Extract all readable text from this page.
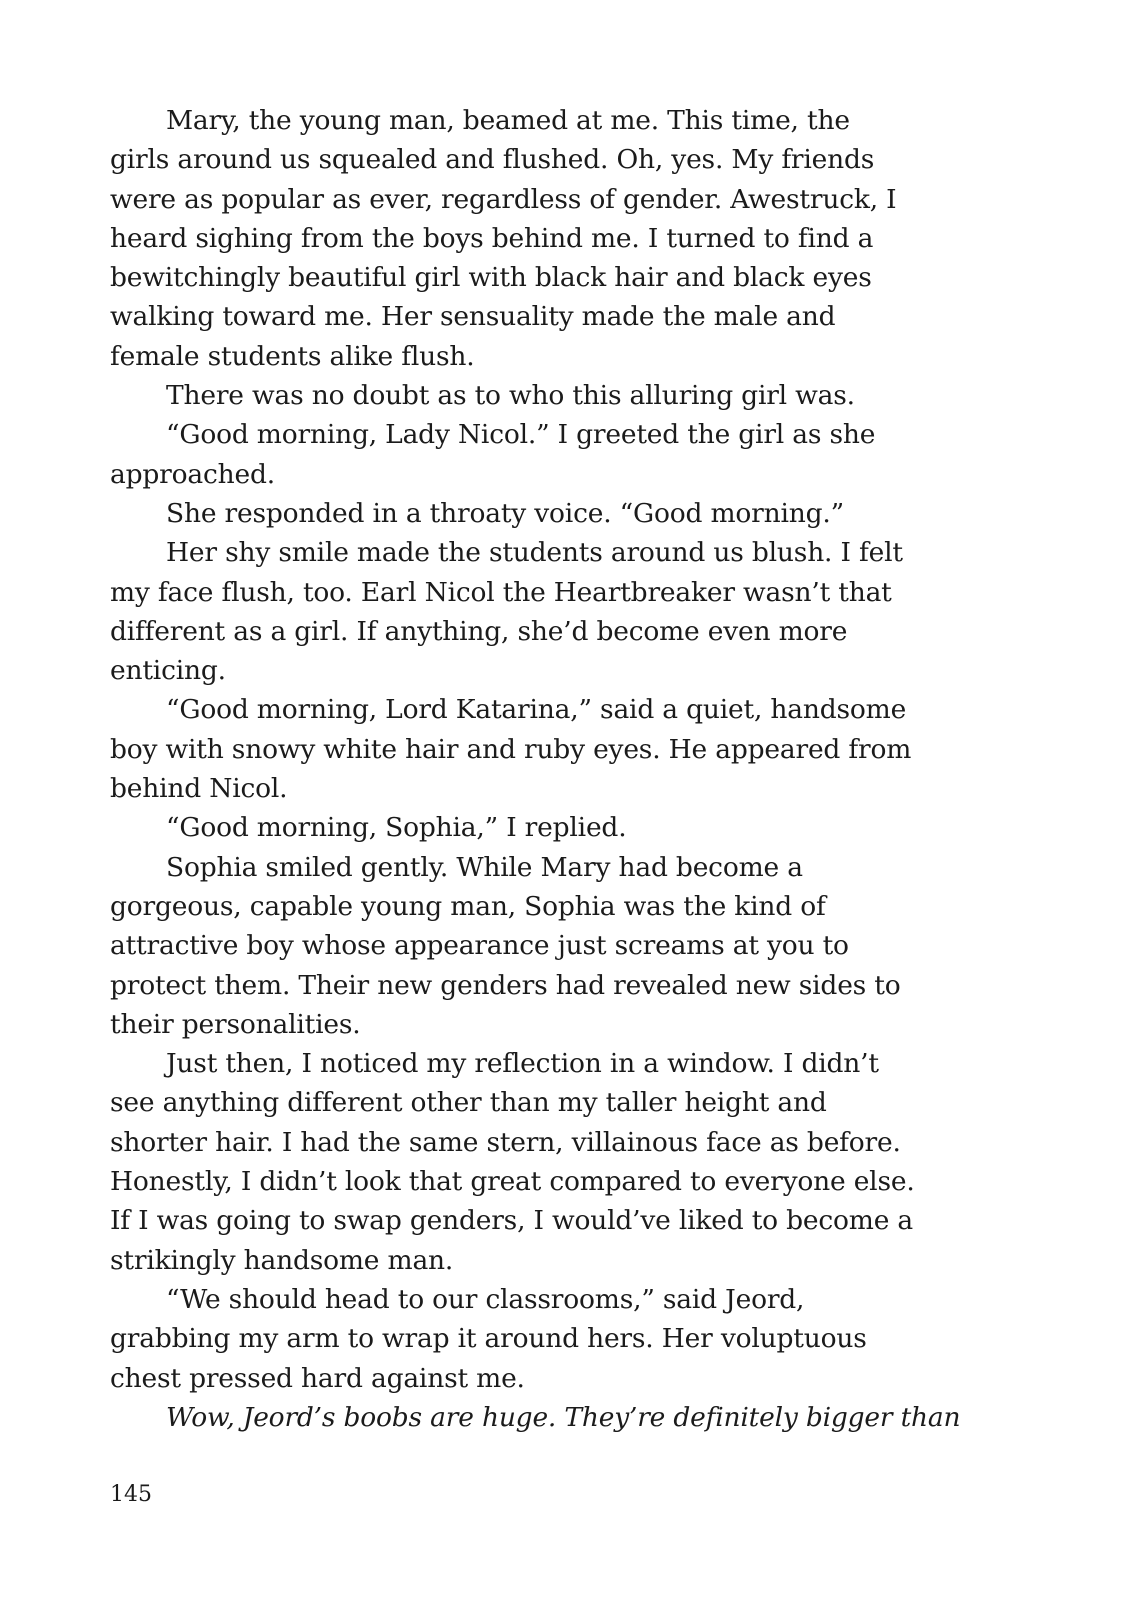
Mary, the young man, beamed at me. This time, the
girls around us squealed and flushed. Oh, yes. My friends
were as popular as ever, regardless of gender. Awestruck, I
heard sighing from the boys behind me. I turned to find a
bewitchingly beautiful girl with black hair and black eyes
walking toward me. Her sensuality made the male and
female students alike flush.
There was no doubt as to who this alluring girl was.
“Good morning, Lady Nicol.” I greeted the girl as she
approached.
She responded in a throaty voice. “Good morning.”
Her shy smile made the students around us blush. I felt
my face flush, too. Earl Nicol the Heartbreaker wasn’t that
different as a girl. If anything, she’d become even more
enticing.
“Good morning, Lord Katarina,” said a quiet, handsome
boy with snowy white hair and ruby eyes. He appeared from
behind Nicol.
“Good morning, Sophia,” I replied.
Sophia smiled gently. While Mary had become a
gorgeous, capable young man, Sophia was the kind of
attractive boy whose appearance just screams at you to
protect them. Their new genders had revealed new sides to
their personalities.
Just then, I noticed my reflection in a window. I didn’t
see anything different other than my taller height and
shorter hair. I had the same stern, villainous face as before.
Honestly, I didn’t look that great compared to everyone else.
If I was going to swap genders, I would’ve liked to become a
strikingly handsome man.
“We should head to our classrooms,” said Jeord,
grabbing my arm to wrap it around hers. Her voluptuous
chest pressed hard against me.
Wow, Jeord’s boobs are huge. They’re definitely bigger than
145
